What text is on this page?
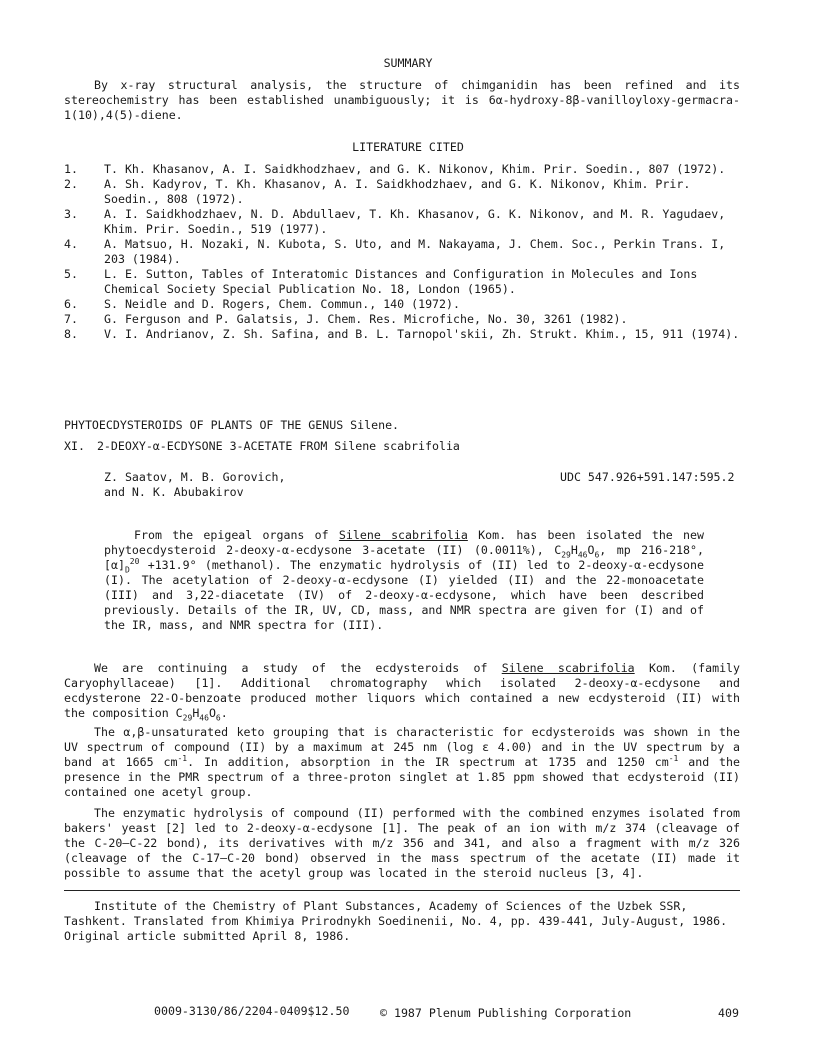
SUMMARY

By x-ray structural analysis, the structure of chimganidin has been refined and its stereochemistry has been established unambiguously; it is 6α-hydroxy-8β-vanilloyloxy-germacra-1(10),4(5)-diene.

LITERATURE CITED
1. T. Kh. Khasanov, A. I. Saidkhodzhaev, and G. K. Nikonov, Khim. Prir. Soedin., 807 (1972).
2. A. Sh. Kadyrov, T. Kh. Khasanov, A. I. Saidkhodzhaev, and G. K. Nikonov, Khim. Prir. Soedin., 808 (1972).
3. A. I. Saidkhodzhaev, N. D. Abdullaev, T. Kh. Khasanov, G. K. Nikonov, and M. R. Yagudaev, Khim. Prir. Soedin., 519 (1977).
4. A. Matsuo, H. Nozaki, N. Kubota, S. Uto, and M. Nakayama, J. Chem. Soc., Perkin Trans. I, 203 (1984).
5. L. E. Sutton, Tables of Interatomic Distances and Configuration in Molecules and Ions Chemical Society Special Publication No. 18, London (1965).
6. S. Neidle and D. Rogers, Chem. Commun., 140 (1972).
7. G. Ferguson and P. Galatsis, J. Chem. Res. Microfiche, No. 30, 3261 (1982).
8. V. I. Andrianov, Z. Sh. Safina, and B. L. Tarnopol'skii, Zh. Strukt. Khim., 15, 911 (1974).
PHYTOECDYSTEROIDS OF PLANTS OF THE GENUS Silene.
XI. 2-DEOXY-α-ECDYSONE 3-ACETATE FROM Silene scabrifolia
Z. Saatov, M. B. Gorovich,
and N. K. Abubakirov
UDC 547.926+591.147:595.2

From the epigeal organs of Silene scabrifolia Kom. has been isolated the new phytoecdysteroid 2-deoxy-α-ecdysone 3-acetate (II) (0.0011%), $C_{29}H_{46}O_6$, mp 216-218°, $[\alpha]_D^{20} +131.9^\circ$ (methanol). The enzymatic hydrolysis of (II) led to 2-deoxy-α-ecdysone (I). The acetylation of 2-deoxy-α-ecdysone (I) yielded (II) and the 22-monoacetate (III) and 3,22-diacetate (IV) of 2-deoxy-α-ecdysone, which have been described previously. Details of the IR, UV, CD, mass, and NMR spectra are given for (I) and of the IR, mass, and NMR spectra for (III).

We are continuing a study of the ecdysteroids of Silene scabrifolia Kom. (family Caryophyllaceae) [1]. Additional chromatography which isolated 2-deoxy-α-ecdysone and ecdysterone 22-O-benzoate produced mother liquors which contained a new ecdysteroid (II) with the composition $C_{29}H_{46}O_6$.

The α,β-unsaturated keto grouping that is characteristic for ecdysteroids was shown in the UV spectrum of compound (II) by a maximum at 245 nm (log ε 4.00) and in the UV spectrum by a band at 1665 $cm^{-1}$. In addition, absorption in the IR spectrum at 1735 and 1250 $cm^{-1}$ and the presence in the PMR spectrum of a three-proton singlet at 1.85 ppm showed that ecdysteroid (II) contained one acetyl group.

The enzymatic hydrolysis of compound (II) performed with the combined enzymes isolated from bakers' yeast [2] led to 2-deoxy-α-ecdysone [1]. The peak of an ion with m/z 374 (cleavage of the C-20—C-22 bond), its derivatives with m/z 356 and 341, and also a fragment with m/z 326 (cleavage of the C-17—C-20 bond) observed in the mass spectrum of the acetate (II) made it possible to assume that the acetyl group was located in the steroid nucleus [3, 4].

Institute of the Chemistry of Plant Substances, Academy of Sciences of the Uzbek SSR, Tashkent. Translated from Khimiya Prirodnykh Soedinenii, No. 4, pp. 439-441, July-August, 1986. Original article submitted April 8, 1986.

0009-3130/86/2204-0409$12.50	© 1987 Plenum Publishing Corporation	409
